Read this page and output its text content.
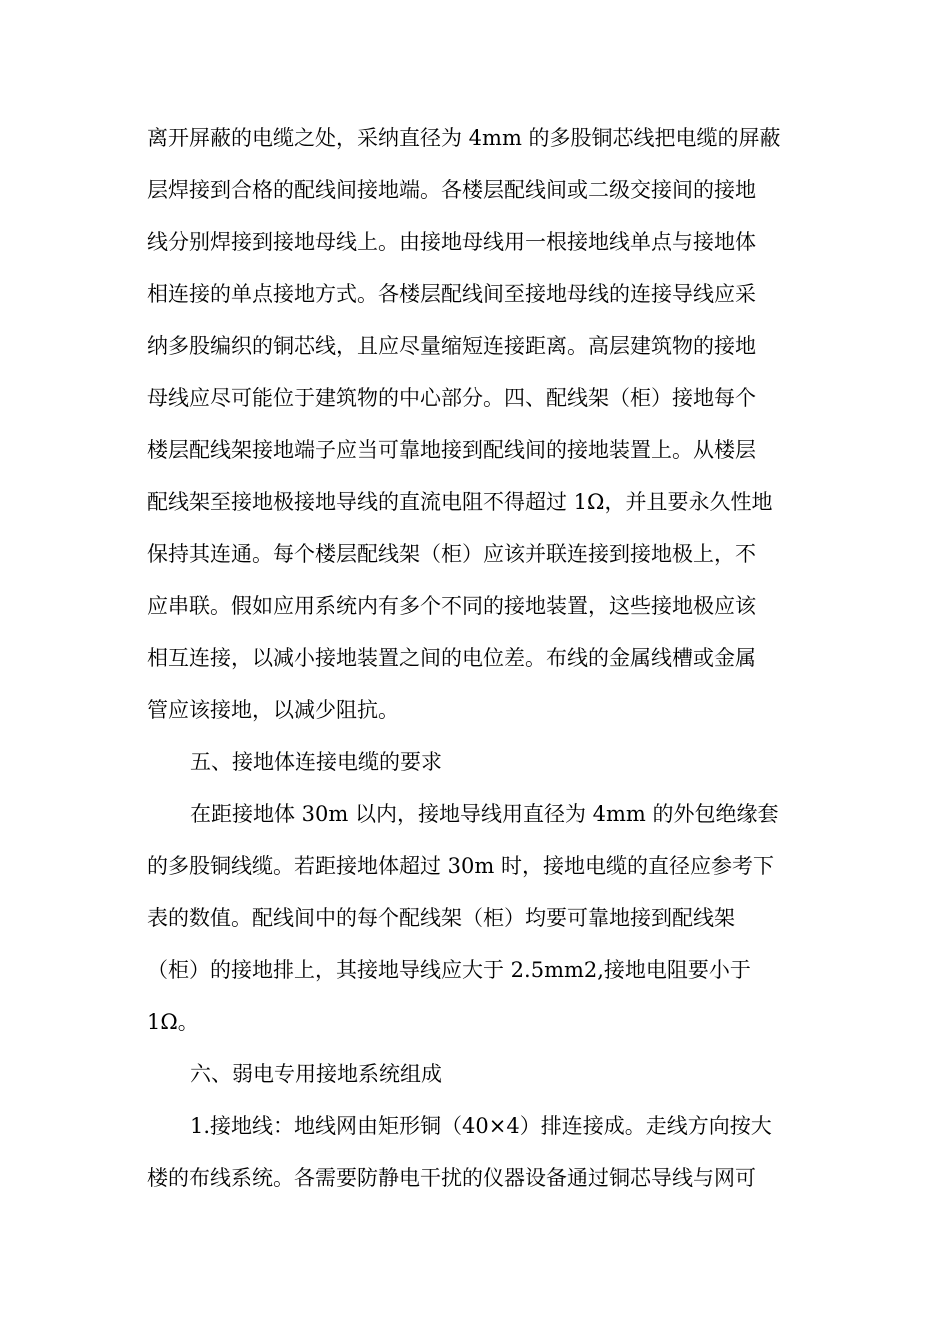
离开屏蔽的电缆之处，采纳直径为 4mm 的多股铜芯线把电缆的屏蔽
层焊接到合格的配线间接地端。各楼层配线间或二级交接间的接地
线分别焊接到接地母线上。由接地母线用一根接地线单点与接地体
相连接的单点接地方式。各楼层配线间至接地母线的连接导线应采
纳多股编织的铜芯线，且应尽量缩短连接距离。高层建筑物的接地
母线应尽可能位于建筑物的中心部分。四、配线架（柜）接地每个
楼层配线架接地端子应当可靠地接到配线间的接地装置上。从楼层
配线架至接地极接地导线的直流电阻不得超过 1Ω，并且要永久性地
保持其连通。每个楼层配线架（柜）应该并联连接到接地极上，不
应串联。假如应用系统内有多个不同的接地装置，这些接地极应该
相互连接，以减小接地装置之间的电位差。布线的金属线槽或金属
管应该接地，以减少阻抗。
五、接地体连接电缆的要求
在距接地体 30m 以内，接地导线用直径为 4mm 的外包绝缘套
的多股铜线缆。若距接地体超过 30m 时，接地电缆的直径应参考下
表的数值。配线间中的每个配线架（柜）均要可靠地接到配线架
（柜）的接地排上，其接地导线应大于 2.5mm2,接地电阻要小于
1Ω。
六、弱电专用接地系统组成
1.接地线：地线网由矩形铜（40×4）排连接成。走线方向按大
楼的布线系统。各需要防静电干扰的仪器设备通过铜芯导线与网可
